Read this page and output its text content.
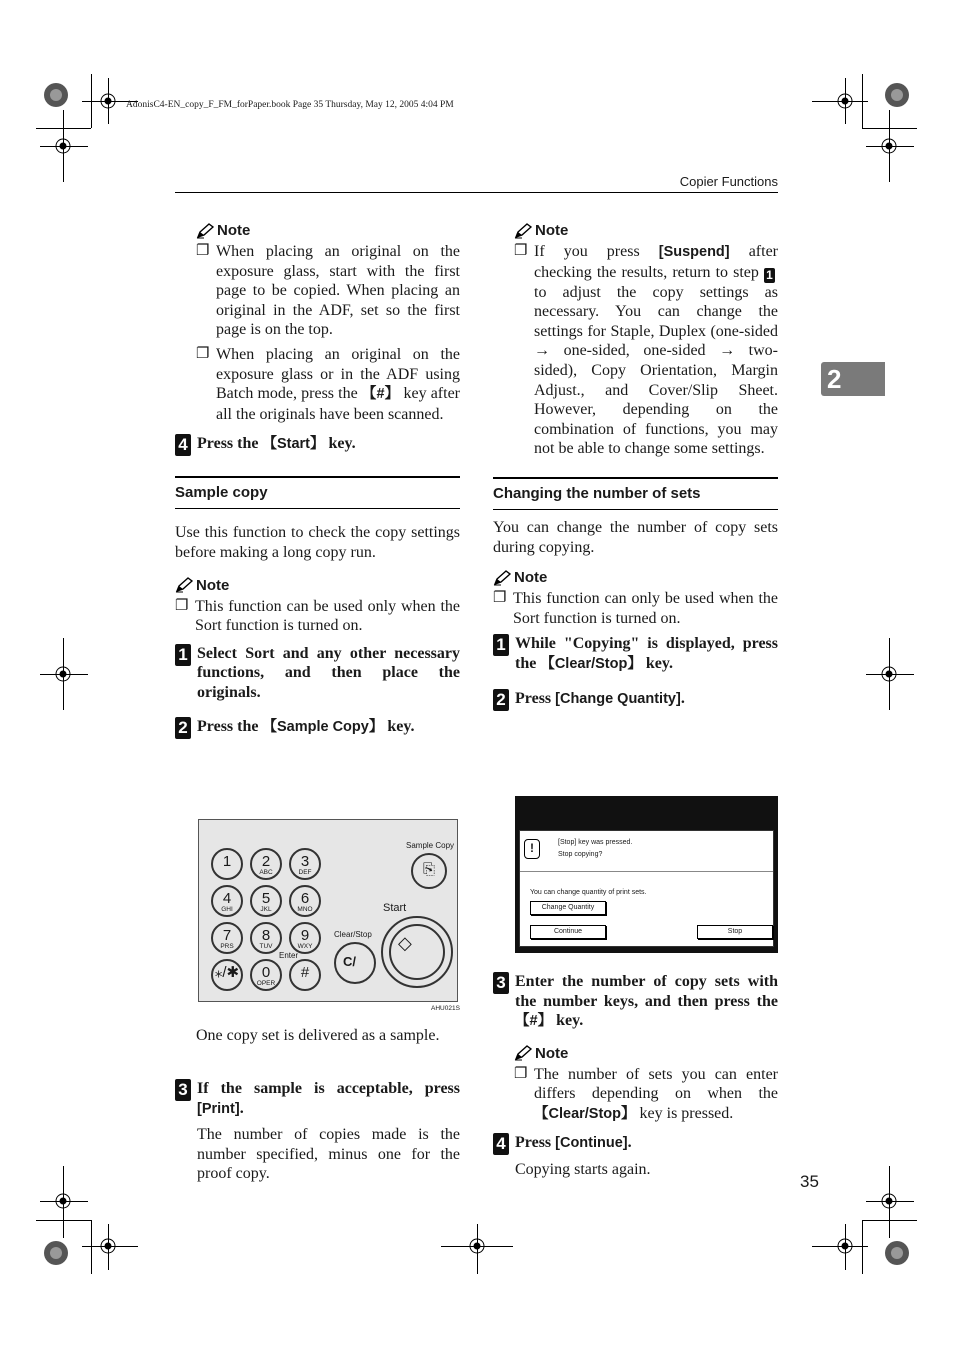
AdonisC4-EN_copy_F_FM_forPaper.book Page 35 Thursday, May 12, 2005 4:04 PM
Copier Functions
2
Note
❐ When placing an original on the exposure glass, start with the first page to be copied. When placing an original in the ADF, set so the first page is on the top.
❐ When placing an original on the exposure glass or in the ADF using Batch mode, press the 【#】 key after all the originals have been scanned.
4 Press the 【Start】 key.
Sample copy
Use this function to check the copy settings before making a long copy run.
Note
❐ This function can be used only when the Sort function is turned on.
1 Select Sort and any other necessary functions, and then place the originals.
2 Press the 【Sample Copy】 key.
1	2
ABC
3
DEF
4
GHI
5
JKL
6
MNO
7
PRS
8
TUV
9
WXY
⁎/✱	0
OPER
#
Sample Copy
⎘
Start
◇
Clear/Stop
C/
Enter
AHU021S
One copy set is delivered as a sample.
3 If the sample is acceptable, press [Print].
The number of copies made is the number specified, minus one for the proof copy.
Note
❐ If you press [Suspend] after checking the results, return to step 1 to adjust the copy settings as necessary. You can change the settings for Staple, Duplex (one-sided → one-sided, one-sided → two-sided), Copy Orientation, Margin Adjust., and Cover/Slip Sheet. However, depending on the combination of functions, you may not be able to change some settings.
Changing the number of sets
You can change the number of copy sets during copying.
Note
❐ This function can only be used when the Sort function is turned on.
1 While "Copying" is displayed, press the 【Clear/Stop】 key.
2 Press [Change Quantity].
!	[Stop] key was pressed.
Stop copying?
You can change quantity of print sets.
Change Quantity
Continue	Stop
3 Enter the number of copy sets with the number keys, and then press the 【#】 key.
Note
❐ The number of sets you can enter differs depending on when the 【Clear/Stop】 key is pressed.
4 Press [Continue].
Copying starts again.
35
